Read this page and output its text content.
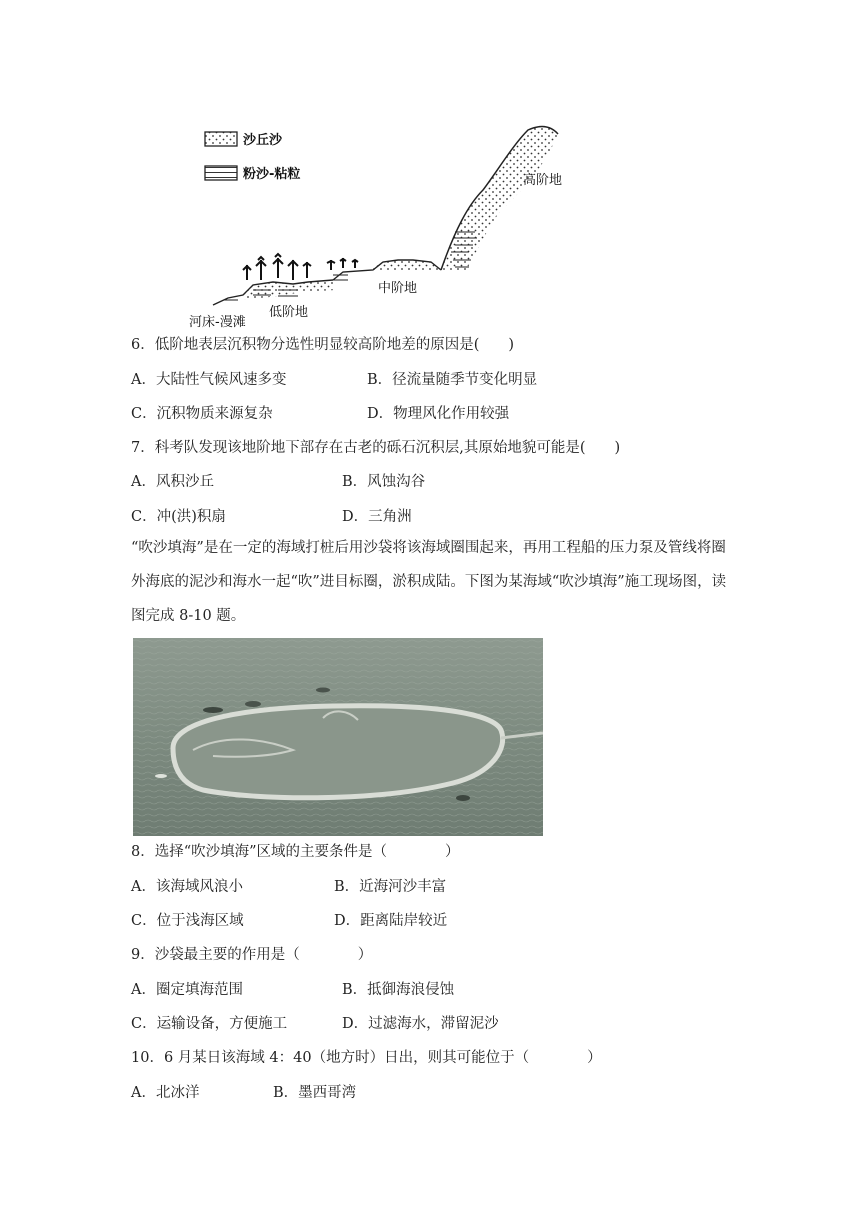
沙丘沙
粉沙-粘粒	高阶地
中阶地
低阶地
河床-漫滩
6．低阶地表层沉积物分选性明显较高阶地差的原因是(　　)
A．大陆性气候风速多变	B．径流量随季节变化明显
C．沉积物质来源复杂	D．物理风化作用较强
7．科考队发现该地阶地下部存在古老的砾石沉积层,其原始地貌可能是(　　)
A．风积沙丘	B．风蚀沟谷
C．冲(洪)积扇	D．三角洲
“吹沙填海”是在一定的海域打桩后用沙袋将该海域圈围起来，再用工程船的压力泵及管线将圈外海底的泥沙和海水一起“吹”进目标圈，淤积成陆。下图为某海域“吹沙填海”施工现场图，读图完成 8-10 题。
8．选择“吹沙填海”区域的主要条件是（　　　　）
A．该海域风浪小	B．近海河沙丰富
C．位于浅海区域	D．距离陆岸较近
9．沙袋最主要的作用是（　　　　）
A．圈定填海范围	B．抵御海浪侵蚀
C．运输设备，方便施工	D．过滤海水，滞留泥沙
10．6 月某日该海域 4：40（地方时）日出，则其可能位于（　　　　）
A．北冰洋	B．墨西哥湾
